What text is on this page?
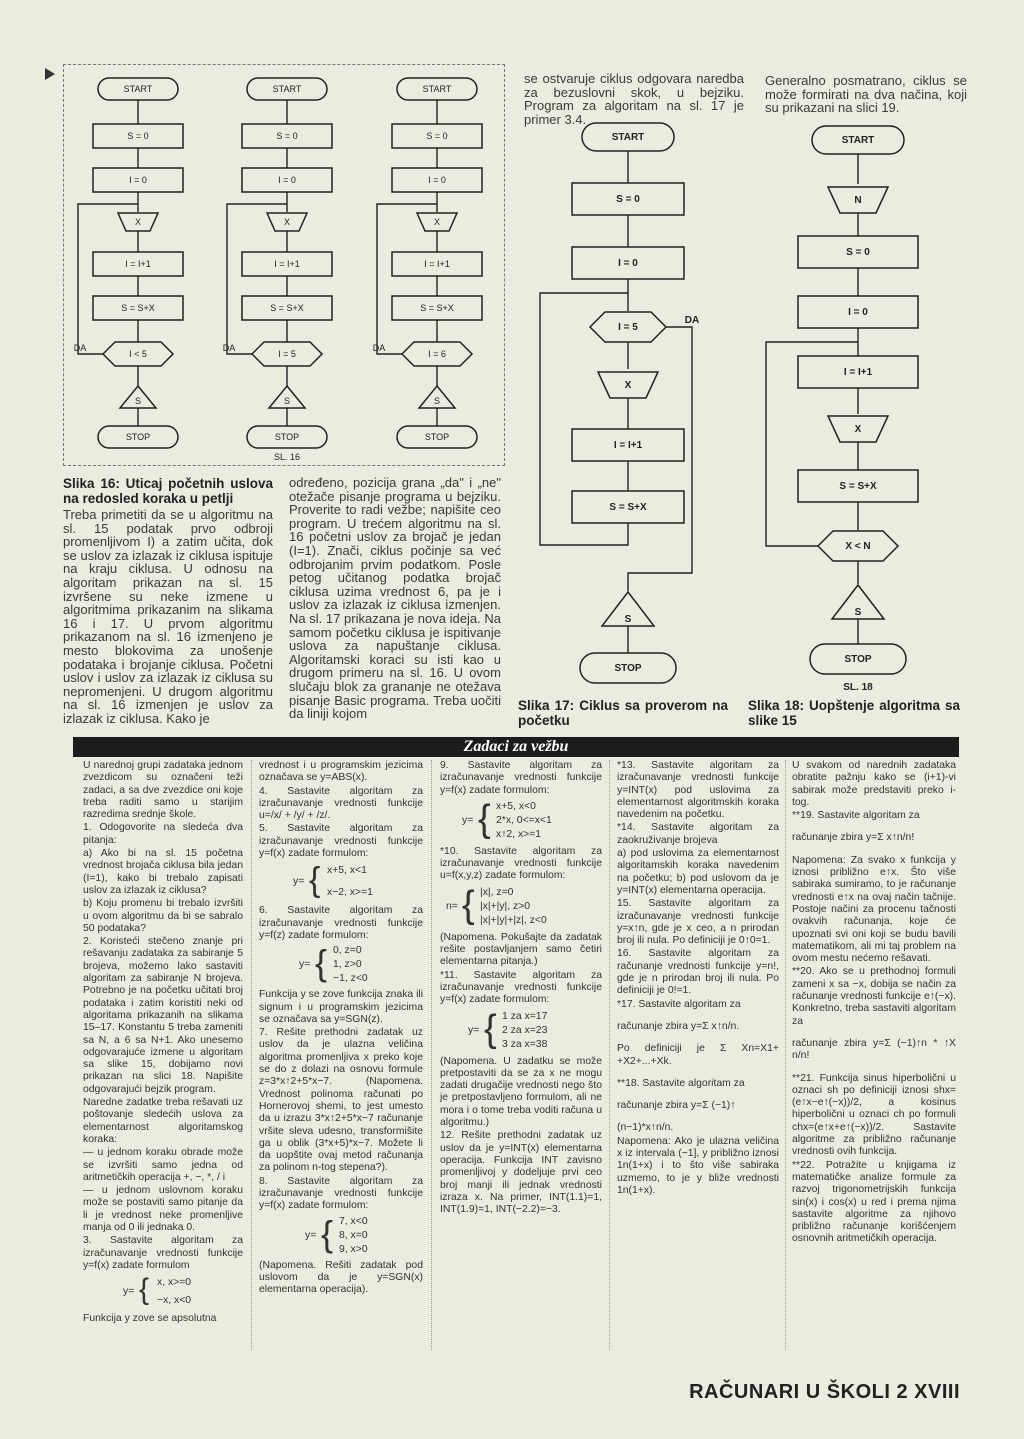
START
S = 0
I = 0
X
I = I+1
S = S+X
I < 5
S
STOP
DA
START
S = 0
I = 0
X
I = I+1
S = S+X
I = 5
S
STOP
DA
START
S = 0
I = 0
X
I = I+1
S = S+X
I = 6
S
STOP
DA
SL. 16
se ostvaruje ciklus odgovara naredba za bezuslovni skok, u bejziku. Program za algoritam na sl. 17 je primer 3.4.
Generalno posmatrano, ciklus se može formirati na dva načina, koji su prikazani na slici 19.
START
S = 0
I = 0
I = 5
X
I = I+1
S = S+X
DA
S
STOP
START
N
S = 0
I = 0
I = I+1
X
S = S+X
X < N
S
STOP
SL. 18
Slika 16: Uticaj početnih uslova na redosled koraka u petlji
Treba primetiti da se u algoritmu na sl. 15 podatak prvo odbroji promenljivom I) a zatim učita, dok se uslov za izlazak iz ciklusa ispituje na kraju ciklusa. U odnosu na algoritam prikazan na sl. 15 izvršene su neke izmene u algoritmima prikazanim na slikama 16 i 17. U prvom algoritmu prikazanom na sl. 16 izmenjeno je mesto blokovima za unošenje podataka i brojanje ciklusa. Početni uslov i uslov za izlazak iz ciklusa su nepromenjeni. U drugom algoritmu na sl. 16 izmenjen je uslov za izlazak iz ciklusa. Kako je
određeno, pozicija grana „da" i „ne" otežače pisanje programa u bejziku. Proverite to radi vežbe; napišite ceo program. U trećem algoritmu na sl. 16 početni uslov za brojač je jedan (I=1). Znači, ciklus počinje sa već odbrojanim prvim podatkom. Posle petog učitanog podatka brojač ciklusa uzima vrednost 6, pa je i uslov za izlazak iz ciklusa izmenjen. Na sl. 17 prikazana je nova ideja. Na samom početku ciklusa je ispitivanje uslova za napuštanje ciklusa. Algoritamski koraci su isti kao u drugom primeru na sl. 16. U ovom slučaju blok za grananje ne otežava pisanje Basic programa. Treba uočiti da liniji kojom
Slika 17: Ciklus sa proverom na početku
Slika 18: Uopštenje algoritma sa slike 15
Zadaci za vežbu

U narednoj grupi zadataka jednom zvezdicom su označeni teži zadaci, a sa dve zvezdice oni koje treba raditi samo u starijim razredima srednje škole.

1. Odogovorite na sledeća dva pitanja:

a) Ako bi na sl. 15 početna vrednost brojača ciklusa bila jedan (I=1), kako bi trebalo zapisati uslov za izlazak iz ciklusa?

b) Koju promenu bi trebalo izvršiti u ovom algoritmu da bi se sabralo 50 podataka?

2. Koristeći stečeno znanje pri rešavanju zadataka za sabiranje 5 brojeva, možemo lako sastaviti algoritam za sabiranje N brojeva. Potrebno je na početku učitati broj podataka i zatim koristiti neki od algoritama prikazanih na slikama 15–17. Konstantu 5 treba zameniti sa N, a 6 sa N+1. Ako unesemo odgovarajuće izmene u algoritam sa slike 15, dobijamo novi prikazan na slici 18. Napišite odgovarajući bejzik program.

Naredne zadatke treba rešavati uz poštovanje sledećih uslova za elementarnost algoritamskog koraka:

— u jednom koraku obrade može se izvršiti samo jedna od aritmetičkih operacija +, −, *, / i

— u jednom uslovnom koraku može se postaviti samo pitanje da li je vrednost neke promenljive manja od 0 ili jednaka 0.

3. Sastavite algoritam za izračunavanje vrednosti funkcije y=f(x) zadate formulom

y= { x, x>=0
−x, x<0

Funkcija y zove se apsolutna

vrednost i u programskim jezicima označava se y=ABS(x).

4. Sastavite algoritam za izračunavanje vrednosti funkcije u=/x/ + /y/ + /z/.

5. Sastavite algoritam za izračunavanje vrednosti funkcije y=f(x) zadate formulom:

y= { x+5, x<1
x−2, x>=1

6. Sastavite algoritam za izračunavanje vrednosti funkcije y=f(z) zadate formulom:

y= { 0, z=0
1, z>0
−1, z<0

Funkcija y se zove funkcija znaka ili signum i u programskim jezicima se označava sa y=SGN(z).

7. Rešite prethodni zadatak uz uslov da je ulazna veličina algoritma promenljiva x preko koje se do z dolazi na osnovu formule z=3*x↑2+5*x−7. (Napomena. Vrednost polinoma računati po Hornerovoj shemi, to jest umesto da u izrazu 3*x↑2+5*x−7 računanje vršite sleva udesno, transformišite ga u oblik (3*x+5)*x−7. Možete li da uopštite ovaj metod računanja za polinom n-tog stepena?).

8. Sastavite algoritam za izračunavanje vrednosti funkcije y=f(x) zadate formulom:

y= { 7, x<0
8, x=0
9, x>0

(Napomena. Rešiti zadatak pod uslovom da je y=SGN(x) elementarna operacija).

9. Sastavite algoritam za izračunavanje vrednosti funkcije y=f(x) zadate formulom:

y= { x+5, x<0
2*x, 0<=x<1
x↑2, x>=1

*10. Sastavite algoritam za izračunavanje vrednosti funkcije u=f(x,y,z) zadate formulom:

n= { |x|, z=0
|x|+|y|, z>0
|x|+|y|+|z|, z<0

(Napomena. Pokušajte da zadatak rešite postavljanjem samo četiri elementarna pitanja.)

*11. Sastavite algoritam za izračunavanje vrednosti funkcije y=f(x) zadate formulom:

y= { 1 za x=17
2 za x=23
3 za x=38

(Napomena. U zadatku se može pretpostaviti da se za x ne mogu zadati drugačije vrednosti nego što je pretpostavljeno formulom, ali ne mora i o tome treba voditi računa u algoritmu.)

12. Rešite prethodni zadatak uz uslov da je y=INT(x) elementarna operacija. Funkcija INT zavisno promenljivoj y dodeljuje prvi ceo broj manji ili jednak vrednosti izraza x. Na primer, INT(1.1)=1, INT(1.9)=1, INT(−2.2)=−3.

*13. Sastavite algoritam za izračunavanje vrednosti funkcije y=INT(x) pod uslovima za elementarnost algoritmskih koraka navedenim na početku.

*14. Sastavite algoritam za zaokruživanje brojeva

a) pod uslovima za elementarnost algoritamskih koraka navedenim na početku; b) pod uslovom da je y=INT(x) elementarna operacija.

15. Sastavite algoritam za izračunavanje vrednosti funkcije y=x↑n, gde je x ceo, a n prirodan broj ili nula. Po definiciji je 0↑0=1.

16. Sastavite algoritam za računanje vrednosti funkcije y=n!, gde je n prirodan broj ili nula. Po definiciji je 0!=1.

*17. Sastavite algoritam za

računanje zbira y=Σ x↑n/n.

Po definiciji je Σ Xn=X1+ +X2+...+Xk.

**18. Sastavite algoritam za

računanje zbira y=Σ (−1)↑

(n−1)*x↑n/n.

Napomena: Ako je ulazna veličina x iz intervala (−1], y približno iznosi 1n(1+x) i to što više sabiraka uzmemo, to je y bliže vrednosti 1n(1+x).

U svakom od narednih zadataka obratite pažnju kako se (i+1)-vi sabirak može predstaviti preko i-tog.

**19. Sastavite algoritam za

računanje zbira y=Σ x↑n/n!

Napomena: Za svako x funkcija y iznosi približno e↑x. Što više sabiraka sumiramo, to je računanje vrednosti e↑x na ovaj način tačnije. Postoje načini za procenu tačnosti ovakvih računanja, koje će upoznati svi oni koji se budu bavili matematikom, ali mi taj problem na ovom mestu nećemo rešavati.

**20. Ako se u prethodnoj formuli zameni x sa −x, dobija se način za računanje vrednosti funkcije e↑(−x). Konkretno, treba sastaviti algoritam za

računanje zbira y=Σ (−1)↑n * ↑X n/n!

**21. Funkcija sinus hiperbolični u oznaci sh po definiciji iznosi shx=(e↑x−e↑(−x))/2, a kosinus hiperbolični u oznaci ch po formuli chx=(e↑x+e↑(−x))/2. Sastavite algoritme za približno računanje vrednosti ovih funkcija.

**22. Potražite u knjigama iz matematičke analize formule za razvoj trigonometrijskih funkcija sin(x) i cos(x) u red i prema njima sastavite algoritme za njihovo približno računanje korišćenjem osnovnih aritmetičkih operacija.

RAČUNARI U ŠKOLI 2 XVIII
